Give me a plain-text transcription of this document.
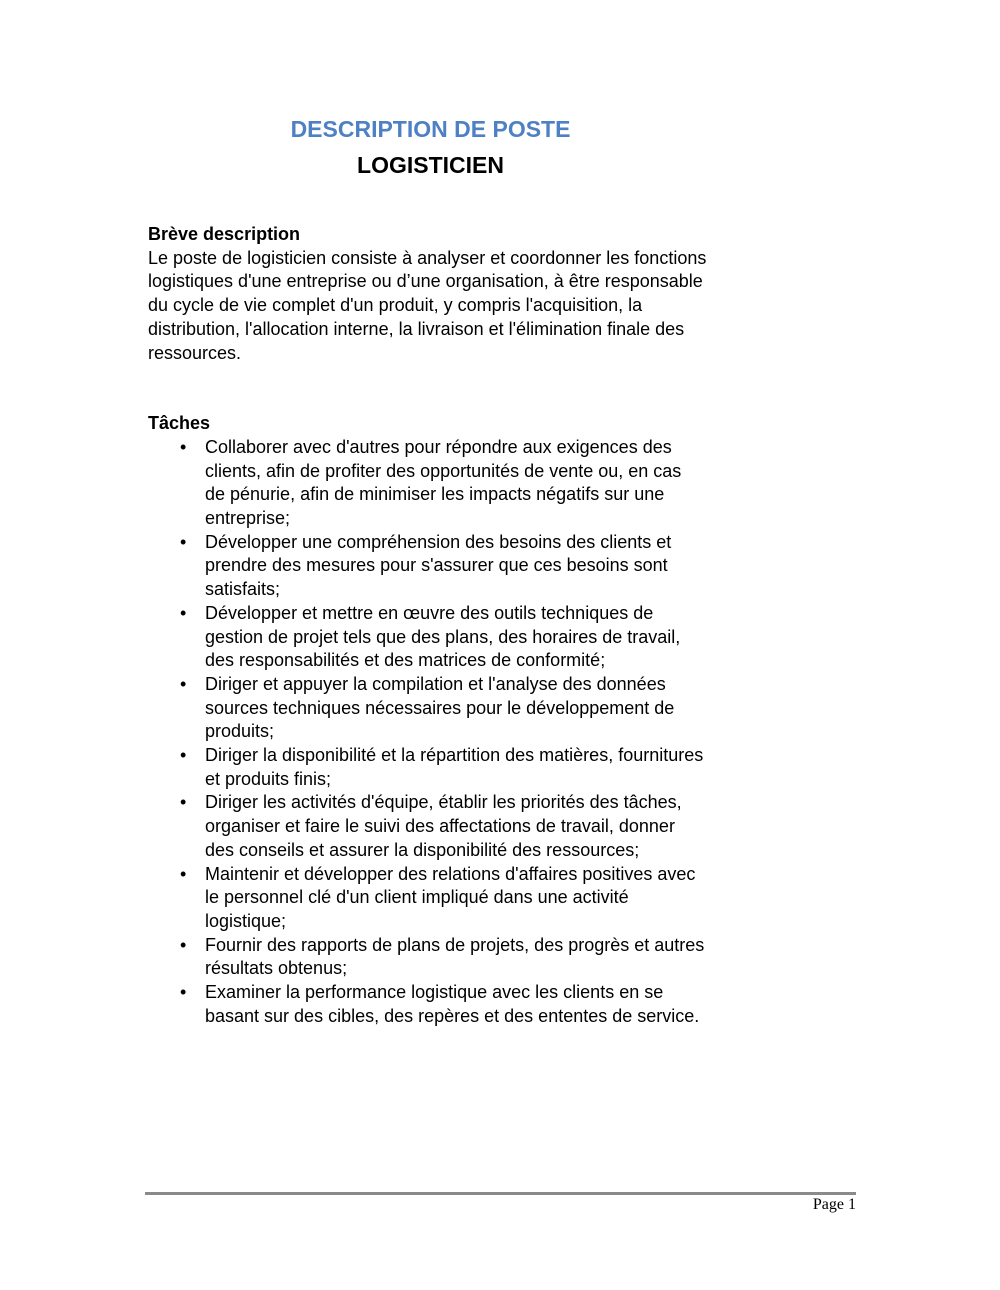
DESCRIPTION DE POSTE
LOGISTICIEN
Brève description

Le poste de logisticien consiste à analyser et coordonner les fonctions logistiques d'une entreprise ou d’une organisation, à être responsable du cycle de vie complet d'un produit, y compris l'acquisition, la distribution, l'allocation interne, la livraison et l'élimination finale des ressources.

Tâches
• Collaborer avec d'autres pour répondre aux exigences des clients, afin de profiter des opportunités de vente ou, en cas de pénurie, afin de minimiser les impacts négatifs sur une entreprise;
• Développer une compréhension des besoins des clients et prendre des mesures pour s'assurer que ces besoins sont satisfaits;
• Développer et mettre en œuvre des outils techniques de gestion de projet tels que des plans, des horaires de travail, des responsabilités et des matrices de conformité;
• Diriger et appuyer la compilation et l'analyse des données sources techniques nécessaires pour le développement de produits;
• Diriger la disponibilité et la répartition des matières, fournitures et produits finis;
• Diriger les activités d'équipe, établir les priorités des tâches, organiser et faire le suivi des affectations de travail, donner des conseils et assurer la disponibilité des ressources;
• Maintenir et développer des relations d'affaires positives avec le personnel clé d'un client impliqué dans une activité logistique;
• Fournir des rapports de plans de projets, des progrès et autres résultats obtenus;
• Examiner la performance logistique avec les clients en se basant sur des cibles, des repères et des ententes de service.
Page 1
